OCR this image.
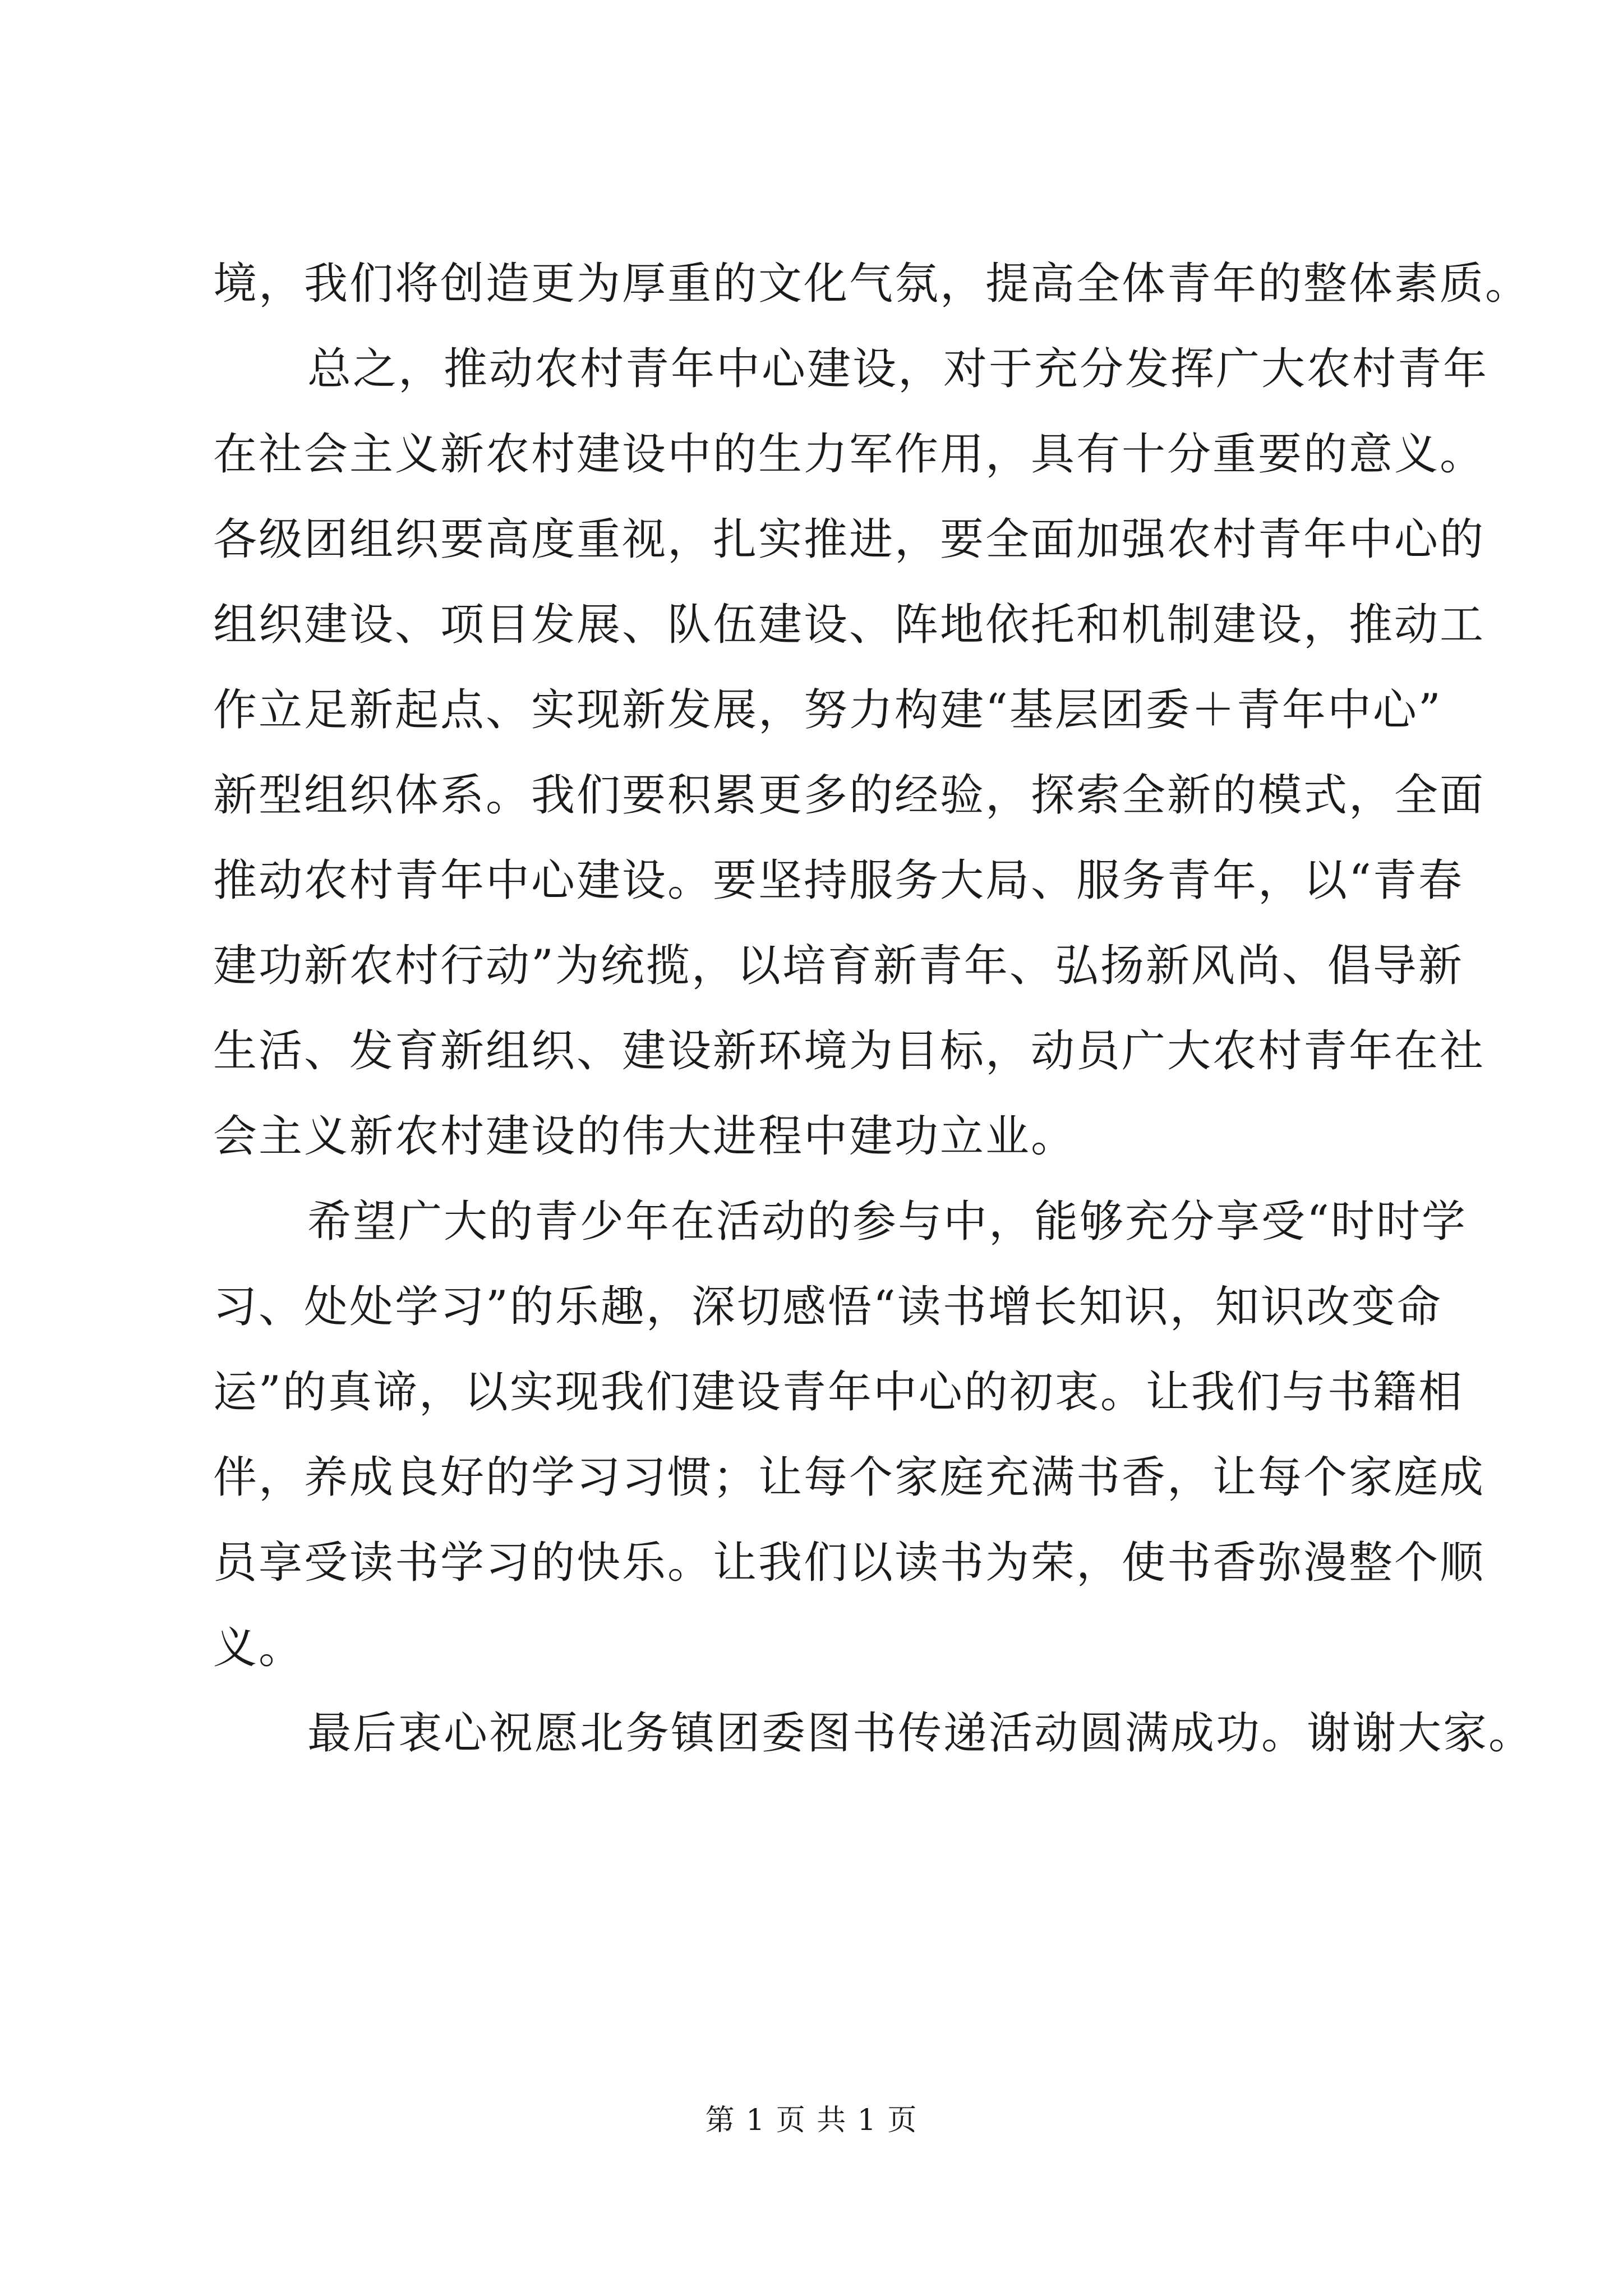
境，我们将创造更为厚重的文化气氛，提高全体青年的整体素质。
总之，推动农村青年中心建设，对于充分发挥广大农村青年
在社会主义新农村建设中的生力军作用，具有十分重要的意义。
各级团组织要高度重视，扎实推进，要全面加强农村青年中心的
组织建设、项目发展、队伍建设、阵地依托和机制建设，推动工
作立足新起点、实现新发展，努力构建“基层团委＋青年中心”
新型组织体系。我们要积累更多的经验，探索全新的模式，全面
推动农村青年中心建设。要坚持服务大局、服务青年，以“青春
建功新农村行动”为统揽，以培育新青年、弘扬新风尚、倡导新
生活、发育新组织、建设新环境为目标，动员广大农村青年在社
会主义新农村建设的伟大进程中建功立业。
希望广大的青少年在活动的参与中，能够充分享受“时时学
习、处处学习”的乐趣，深切感悟“读书增长知识，知识改变命
运”的真谛，以实现我们建设青年中心的初衷。让我们与书籍相
伴，养成良好的学习习惯；让每个家庭充满书香，让每个家庭成
员享受读书学习的快乐。让我们以读书为荣，使书香弥漫整个顺
义。
最后衷心祝愿北务镇团委图书传递活动圆满成功。谢谢大家。
第 1 页 共 1 页
